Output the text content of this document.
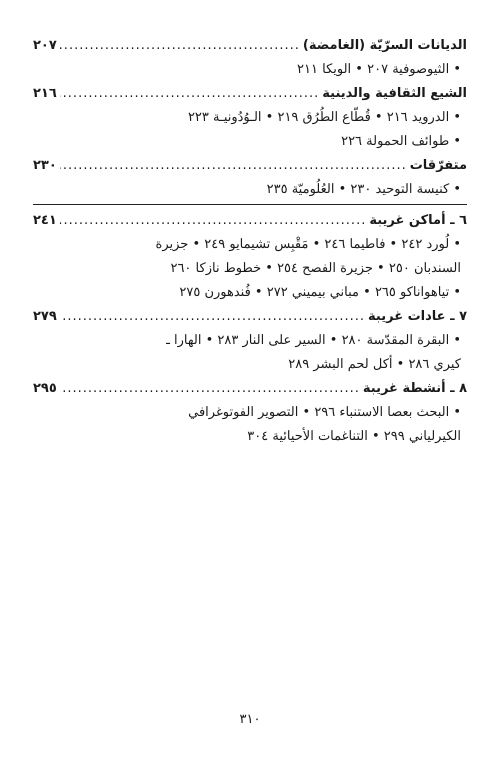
الديانات السرّيّة (الغامضة)
.....
٢٠٧
• الثيوصوفية ٢٠٧ • الويكا ٢١١
الشيع الثقافية والدينية
.....
٢١٦
• الدرويد ٢١٦ • قُطّاع الطُرُق ٢١٩ • الـوُدُونيـة ٢٢٣
• طوائف الحمولة ٢٢٦
متفرّقات
.....
٢٣٠
• كنيسة التوحيد ٢٣٠ • العُلُوميّة ٢٣٥
٦ ـ أماكن غريبة
.....
٢٤١
• لُورد ٢٤٢ • فاطيما ٢٤٦ • مَقْبِس تشيمايو ٢٤٩ • جزيرة
السندبان ٢٥٠ • جزيرة الفصح ٢٥٤ • خطوط نازكا ٢٦٠
• تياهواناكو ٢٦٥ • مباني بيميني ٢٧٢ • فُندهورن ٢٧٥
٧ ـ عادات غريبة
.....
٢٧٩
• البقرة المقدّسة ٢٨٠ • السير على النار ٢٨٣ • الهارا ـ
كيري ٢٨٦ • أكل لحم البشر ٢٨٩
٨ ـ أنشطة غريبة
.....
٢٩٥
• البحث بعصا الاستنباء ٢٩٦ • التصوير الفوتوغرافي
الكيرلياني ٢٩٩ • التناغمات الأحيائية ٣٠٤
٣١٠
